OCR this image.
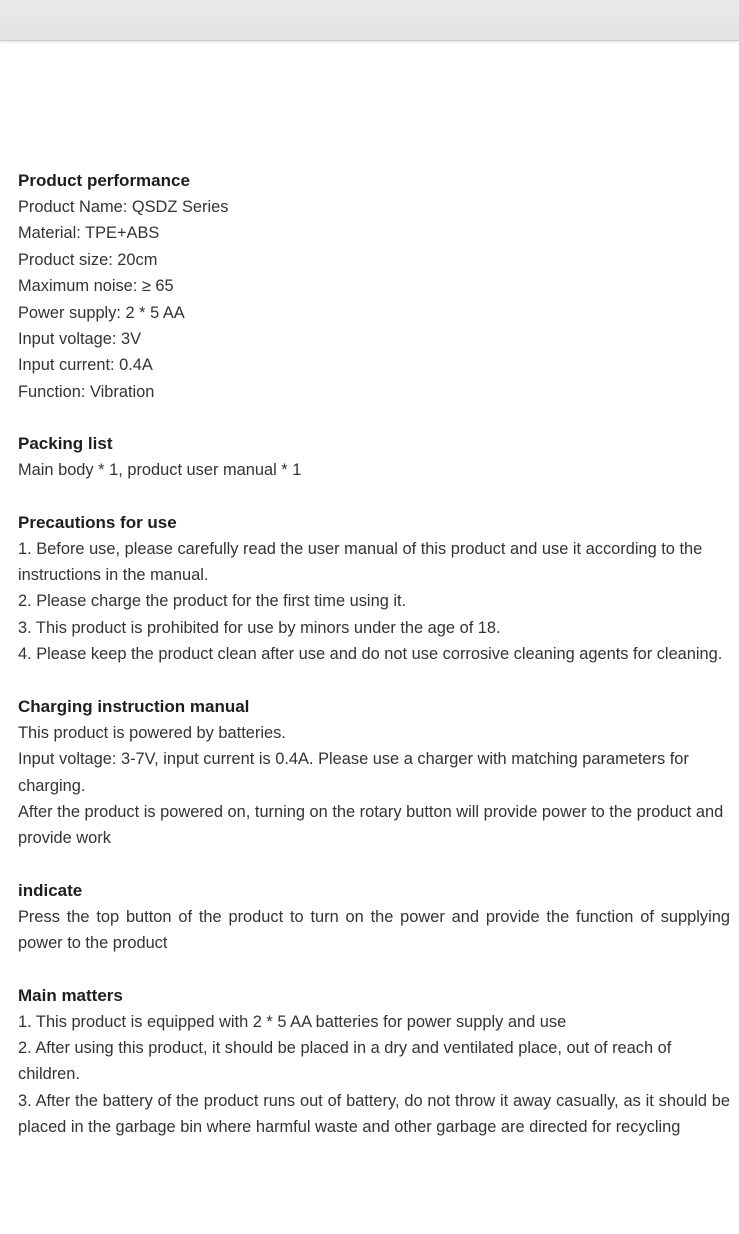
Product performance
Product Name: QSDZ Series
Material: TPE+ABS
Product size: 20cm
Maximum noise: ≥ 65
Power supply: 2 * 5 AA
Input voltage: 3V
Input current: 0.4A
Function: Vibration
Packing list
Main body * 1, product user manual * 1
Precautions for use
1. Before use, please carefully read the user manual of this product and use it according to the instructions in the manual.
2. Please charge the product for the first time using it.
3. This product is prohibited for use by minors under the age of 18.
4. Please keep the product clean after use and do not use corrosive cleaning agents for cleaning.
Charging instruction manual
This product is powered by batteries.
Input voltage: 3-7V, input current is 0.4A. Please use a charger with matching parameters for charging.
After the product is powered on, turning on the rotary button will provide power to the product and provide work
indicate
Press the top button of the product to turn on the power and provide the function of supplying power to the product
Main matters
1. This product is equipped with 2 * 5 AA batteries for power supply and use
2. After using this product, it should be placed in a dry and ventilated place, out of reach of children.
3. After the battery of the product runs out of battery, do not throw it away casually, as it should be placed in the garbage bin where harmful waste and other garbage are directed for recycling
